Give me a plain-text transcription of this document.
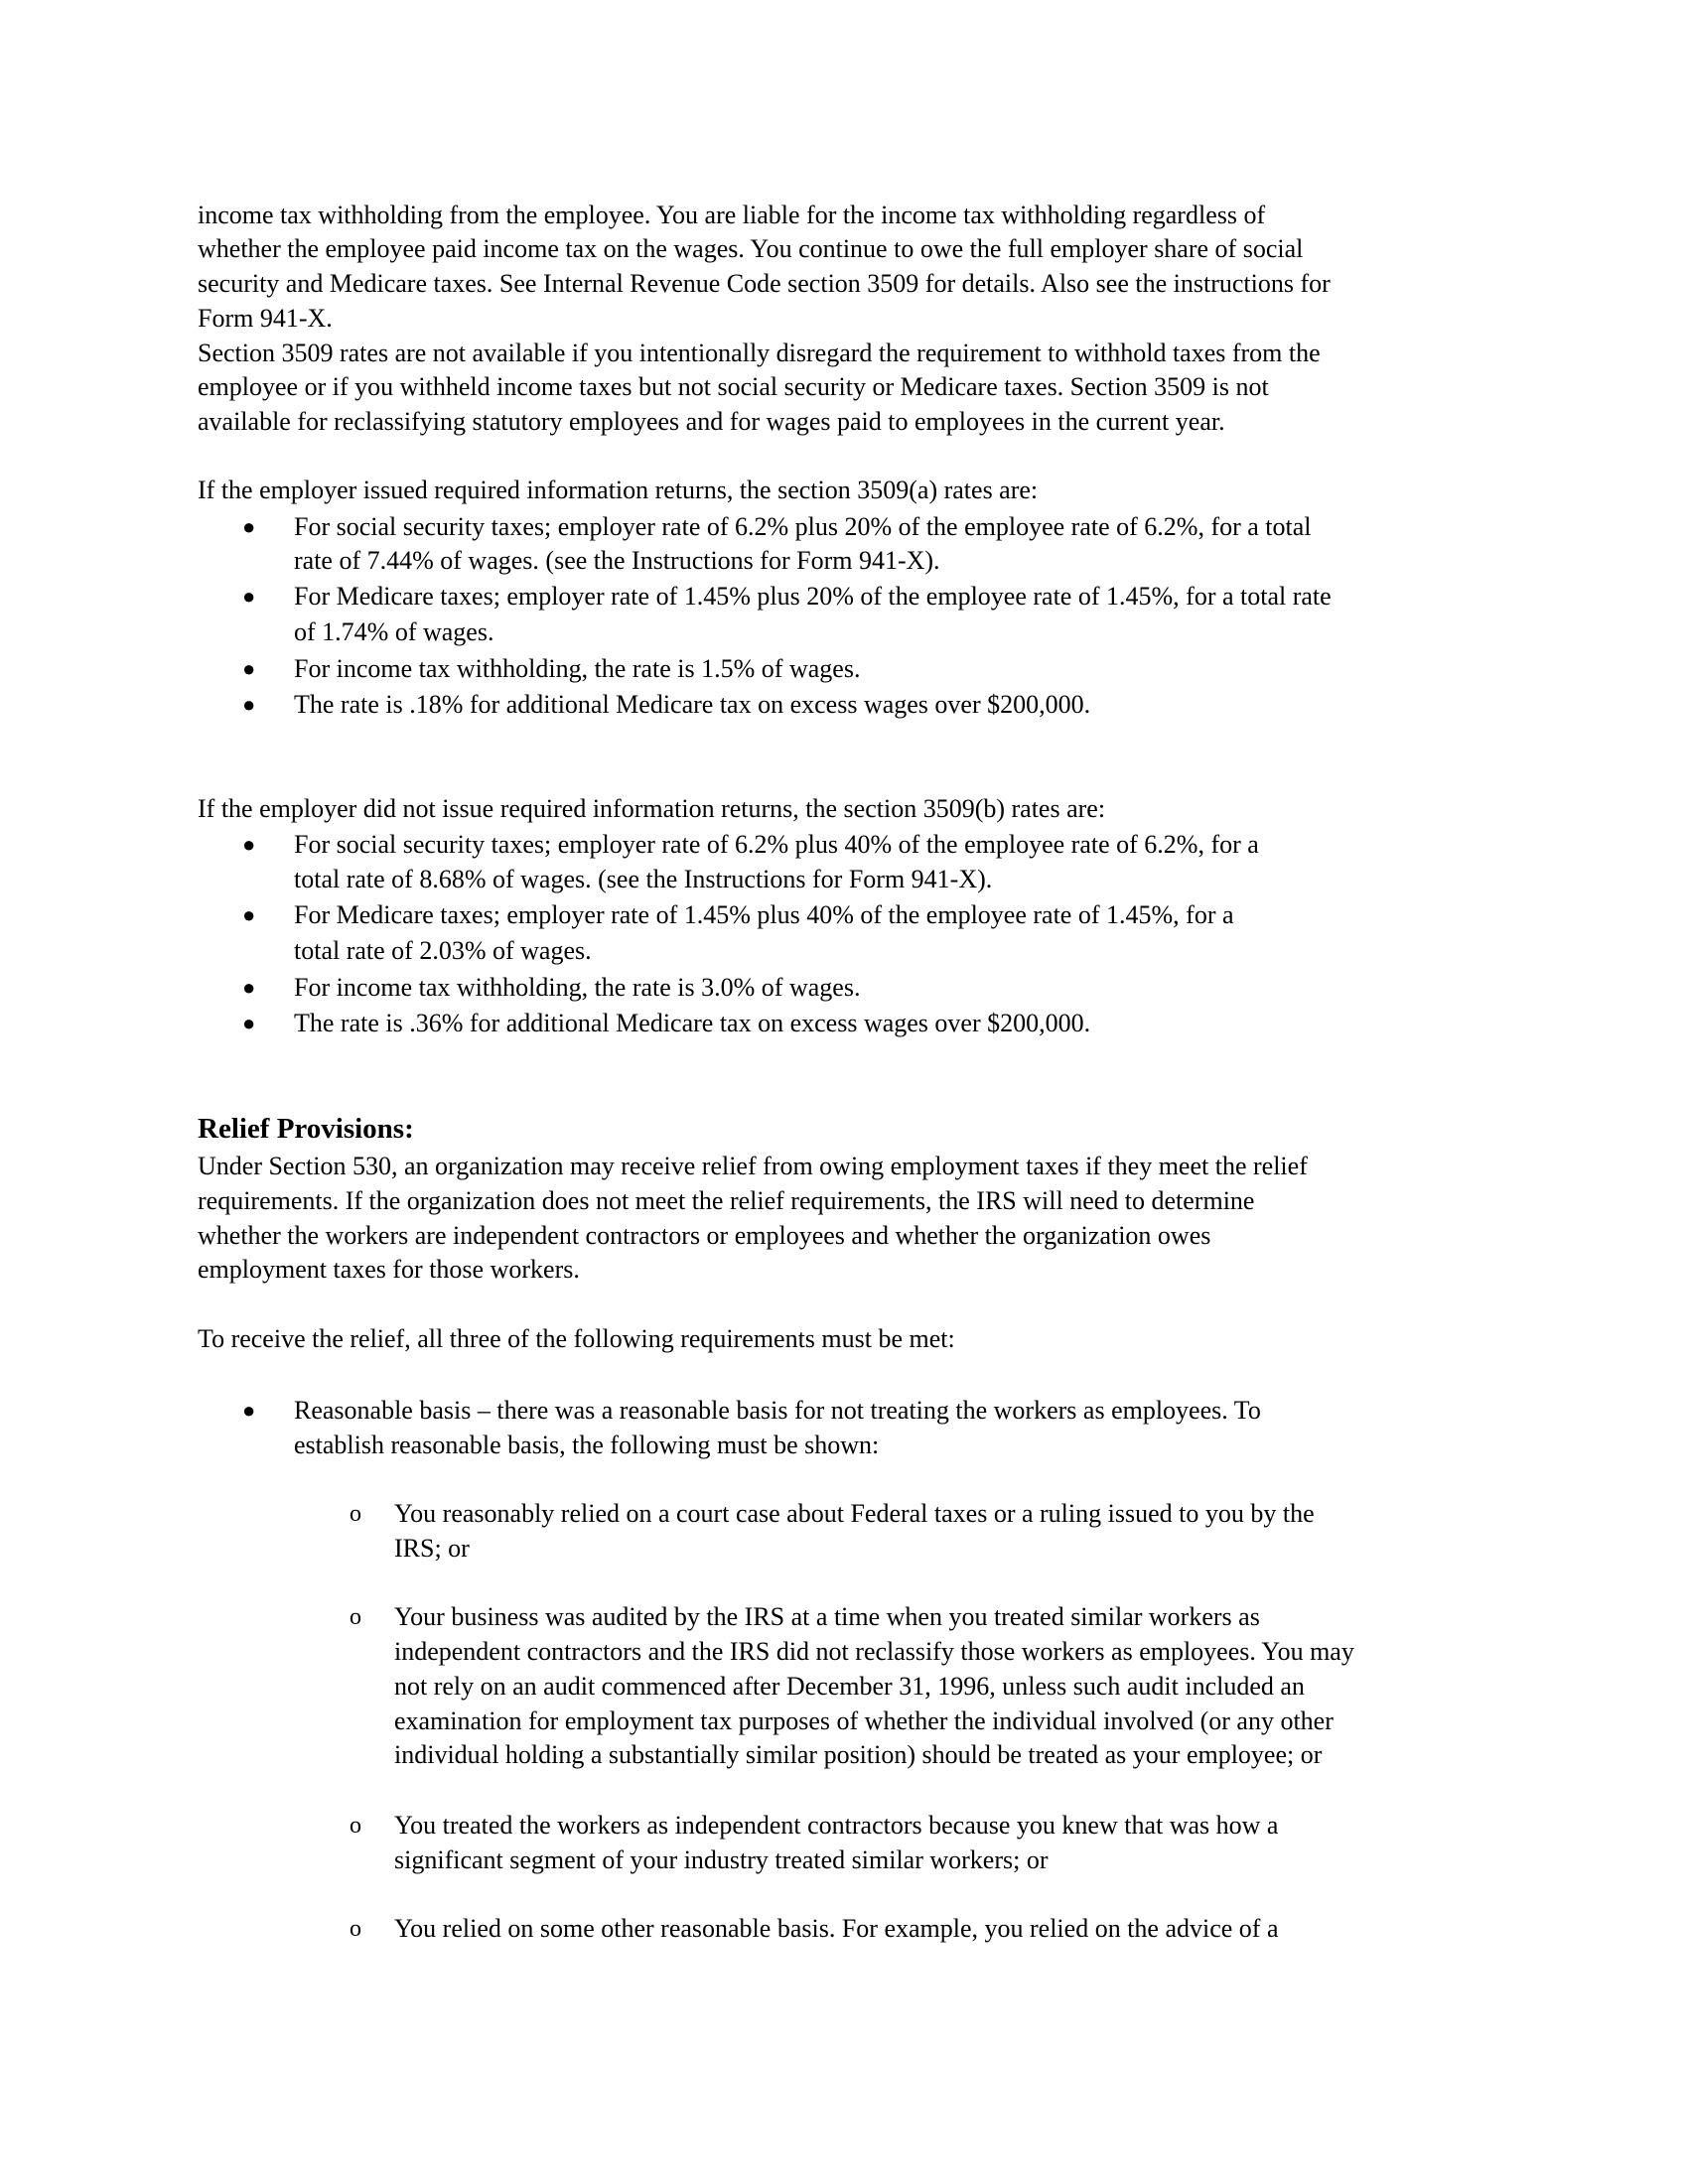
income tax withholding from the employee. You are liable for the income tax withholding regardless of
whether the employee paid income tax on the wages. You continue to owe the full employer share of social
security and Medicare taxes. See Internal Revenue Code section 3509 for details. Also see the instructions for
Form 941-X.
Section 3509 rates are not available if you intentionally disregard the requirement to withhold taxes from the
employee or if you withheld income taxes but not social security or Medicare taxes. Section 3509 is not
available for reclassifying statutory employees and for wages paid to employees in the current year.
If the employer issued required information returns, the section 3509(a) rates are:
● For social security taxes; employer rate of 6.2% plus 20% of the employee rate of 6.2%, for a total
rate of 7.44% of wages. (see the Instructions for Form 941-X).
● For Medicare taxes; employer rate of 1.45% plus 20% of the employee rate of 1.45%, for a total rate
of 1.74% of wages.
● For income tax withholding, the rate is 1.5% of wages.
● The rate is .18% for additional Medicare tax on excess wages over $200,000.
If the employer did not issue required information returns, the section 3509(b) rates are:
● For social security taxes; employer rate of 6.2% plus 40% of the employee rate of 6.2%, for a
total rate of 8.68% of wages. (see the Instructions for Form 941-X).
● For Medicare taxes; employer rate of 1.45% plus 40% of the employee rate of 1.45%, for a
total rate of 2.03% of wages.
● For income tax withholding, the rate is 3.0% of wages.
● The rate is .36% for additional Medicare tax on excess wages over $200,000.
Relief Provisions:
Under Section 530, an organization may receive relief from owing employment taxes if they meet the relief
requirements. If the organization does not meet the relief requirements, the IRS will need to determine
whether the workers are independent contractors or employees and whether the organization owes
employment taxes for those workers.
To receive the relief, all three of the following requirements must be met:
● Reasonable basis – there was a reasonable basis for not treating the workers as employees. To
establish reasonable basis, the following must be shown:
o You reasonably relied on a court case about Federal taxes or a ruling issued to you by the
IRS; or
o Your business was audited by the IRS at a time when you treated similar workers as
independent contractors and the IRS did not reclassify those workers as employees. You may
not rely on an audit commenced after December 31, 1996, unless such audit included an
examination for employment tax purposes of whether the individual involved (or any other
individual holding a substantially similar position) should be treated as your employee; or
o You treated the workers as independent contractors because you knew that was how a
significant segment of your industry treated similar workers; or
o You relied on some other reasonable basis. For example, you relied on the advice of a
